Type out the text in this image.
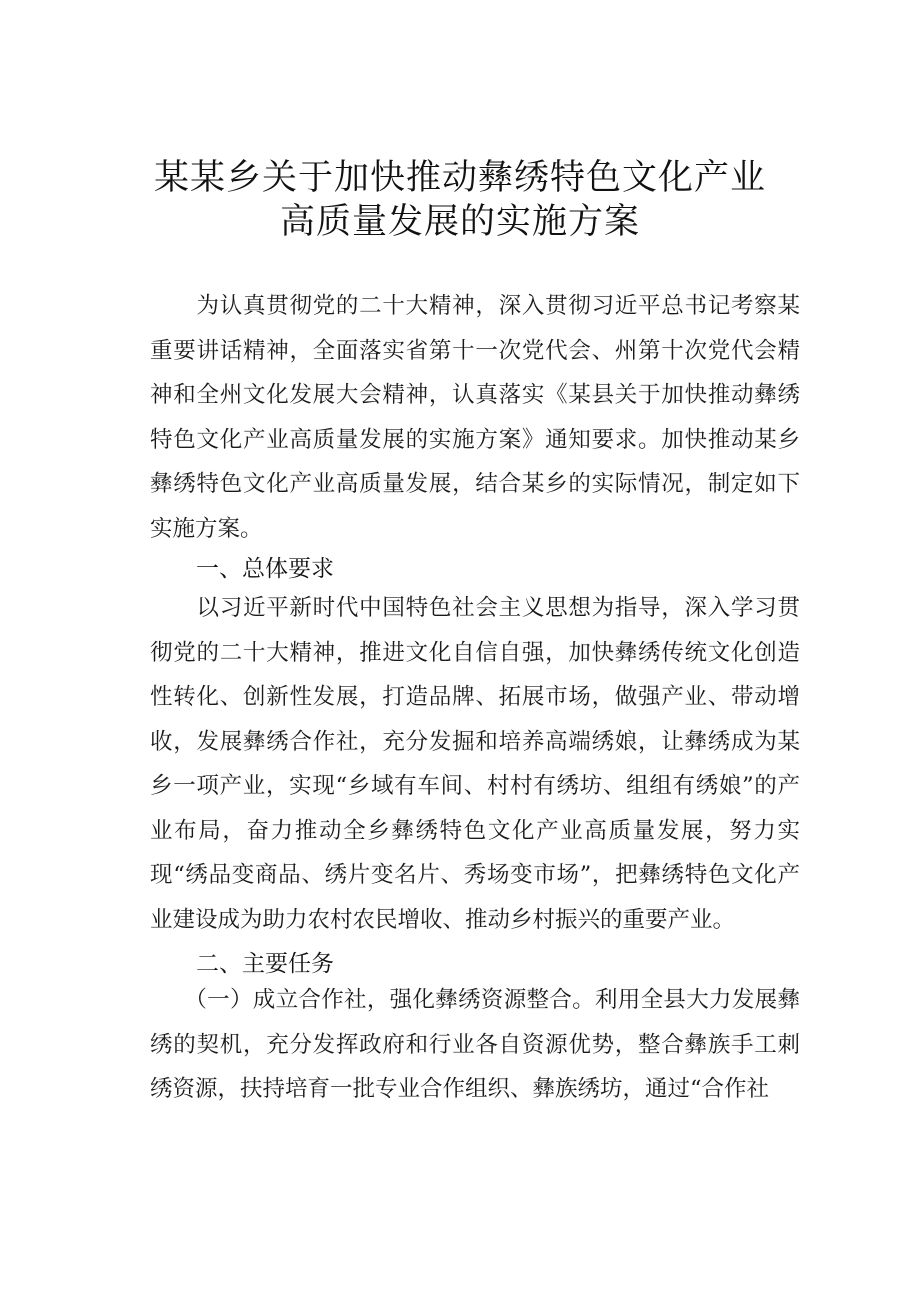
某某乡关于加快推动彝绣特色文化产业
高质量发展的实施方案

　　为认真贯彻党的二十大精神，深入贯彻习近平总书记考察某重要讲话精神，全面落实省第十一次党代会、州第十次党代会精神和全州文化发展大会精神，认真落实《某县关于加快推动彝绣特色文化产业高质量发展的实施方案》通知要求。加快推动某乡彝绣特色文化产业高质量发展，结合某乡的实际情况，制定如下实施方案。

一、总体要求

　　以习近平新时代中国特色社会主义思想为指导，深入学习贯彻党的二十大精神，推进文化自信自强，加快彝绣传统文化创造性转化、创新性发展，打造品牌、拓展市场，做强产业、带动增收，发展彝绣合作社，充分发掘和培养高端绣娘，让彝绣成为某乡一项产业，实现“乡域有车间、村村有绣坊、组组有绣娘”的产业布局，奋力推动全乡彝绣特色文化产业高质量发展，努力实现“绣品变商品、绣片变名片、秀场变市场”，把彝绣特色文化产业建设成为助力农村农民增收、推动乡村振兴的重要产业。

二、主要任务

　　（一）成立合作社，强化彝绣资源整合。利用全县大力发展彝绣的契机，充分发挥政府和行业各自资源优势，整合彝族手工刺绣资源，扶持培育一批专业合作组织、彝族绣坊，通过“合作社
